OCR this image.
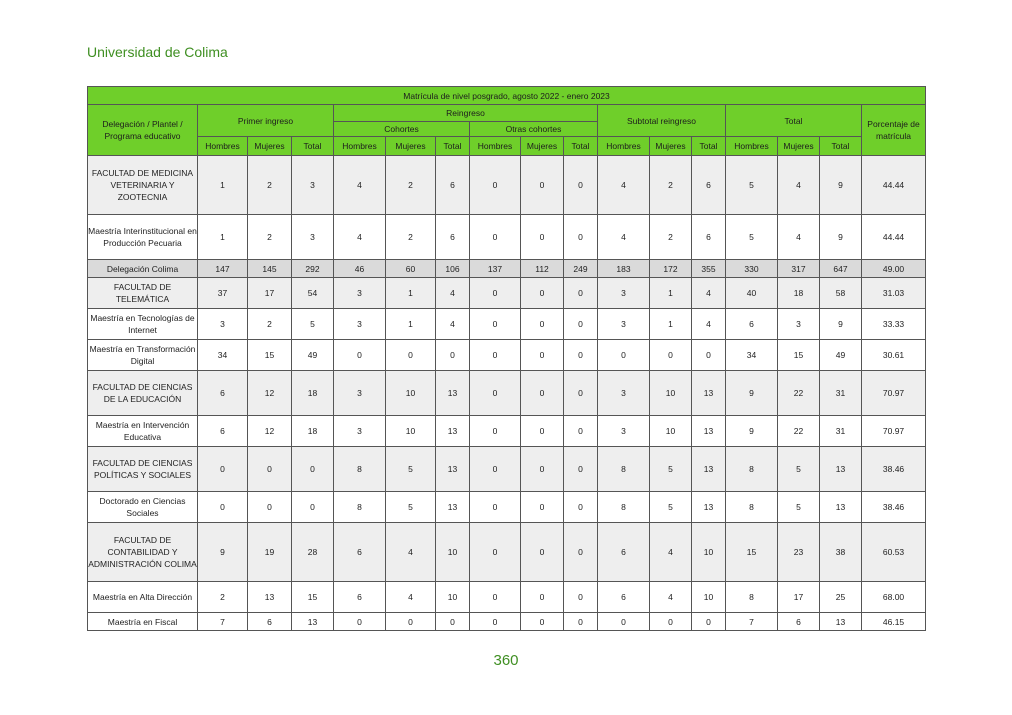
Universidad de Colima
Matrícula de nivel posgrado, agosto 2022 - enero 2023																
Delegación / Plantel / Programa educativo	Primer ingreso			Reingreso						Subtotal reingreso			Total			Porcentaje de matrícula
				Cohortes			Otras cohortes									
	Hombres	Mujeres	Total	Hombres	Mujeres	Total	Hombres	Mujeres	Total	Hombres	Mujeres	Total	Hombres	Mujeres	Total	
FACULTAD DE MEDICINA VETERINARIA Y ZOOTECNIA	1	2	3	4	2	6	0	0	0	4	2	6	5	4	9	44.44
Maestría Interinstitucional en Producción Pecuaria	1	2	3	4	2	6	0	0	0	4	2	6	5	4	9	44.44
Delegación Colima	147	145	292	46	60	106	137	112	249	183	172	355	330	317	647	49.00
FACULTAD DE TELEMÁTICA	37	17	54	3	1	4	0	0	0	3	1	4	40	18	58	31.03
Maestría en Tecnologías de Internet	3	2	5	3	1	4	0	0	0	3	1	4	6	3	9	33.33
Maestría en Transformación Digital	34	15	49	0	0	0	0	0	0	0	0	0	34	15	49	30.61
FACULTAD DE CIENCIAS DE LA EDUCACIÓN	6	12	18	3	10	13	0	0	0	3	10	13	9	22	31	70.97
Maestría en Intervención Educativa	6	12	18	3	10	13	0	0	0	3	10	13	9	22	31	70.97
FACULTAD DE CIENCIAS POLÍTICAS Y SOCIALES	0	0	0	8	5	13	0	0	0	8	5	13	8	5	13	38.46
Doctorado en Ciencias Sociales	0	0	0	8	5	13	0	0	0	8	5	13	8	5	13	38.46
FACULTAD DE CONTABILIDAD Y ADMINISTRACIÓN COLIMA	9	19	28	6	4	10	0	0	0	6	4	10	15	23	38	60.53
Maestría en Alta Dirección	2	13	15	6	4	10	0	0	0	6	4	10	8	17	25	68.00
Maestría en Fiscal	7	6	13	0	0	0	0	0	0	0	0	0	7	6	13	46.15
360
